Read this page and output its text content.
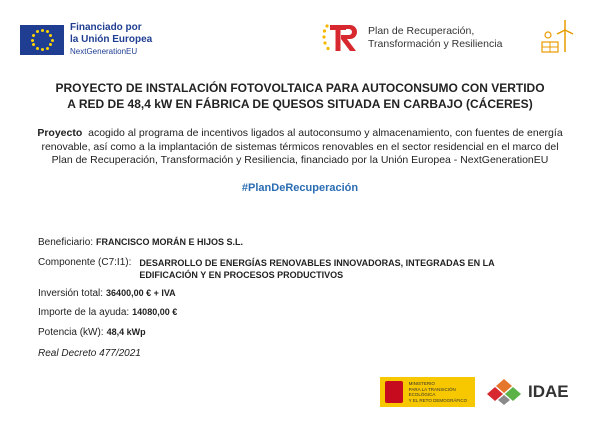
Financiado por
la Unión Europea
NextGenerationEU
Plan de Recuperación,
Transformación y Resiliencia
PROYECTO DE INSTALACIÓN FOTOVOLTAICA PARA AUTOCONSUMO CON VERTIDO
A RED DE 48,4 kW EN FÁBRICA DE QUESOS SITUADA EN CARBAJO (CÁCERES)
Proyecto acogido al programa de incentivos ligados al autoconsumo y almacenamiento, con fuentes de energía
renovable, así como a la implantación de sistemas térmicos renovables en el sector residencial en el marco del
Plan de Recuperación, Transformación y Resiliencia, financiado por la Unión Europea - NextGenerationEU
#PlanDeRecuperación
Beneficiario: FRANCISCO MORÁN E HIJOS S.L.
Componente (C7:I1): DESARROLLO DE ENERGÍAS RENOVABLES INNOVADORAS, INTEGRADAS EN LA EDIFICACIÓN Y EN PROCESOS PRODUCTIVOS
Inversión total: 36400,00 € + IVA
Importe de la ayuda: 14080,00 €
Potencia (kW): 48,4 kWp
Real Decreto 477/2021
MINISTERIO
PARA LA TRANSICIÓN ECOLÓGICA
Y EL RETO DEMOGRÁFICO	IDAE
